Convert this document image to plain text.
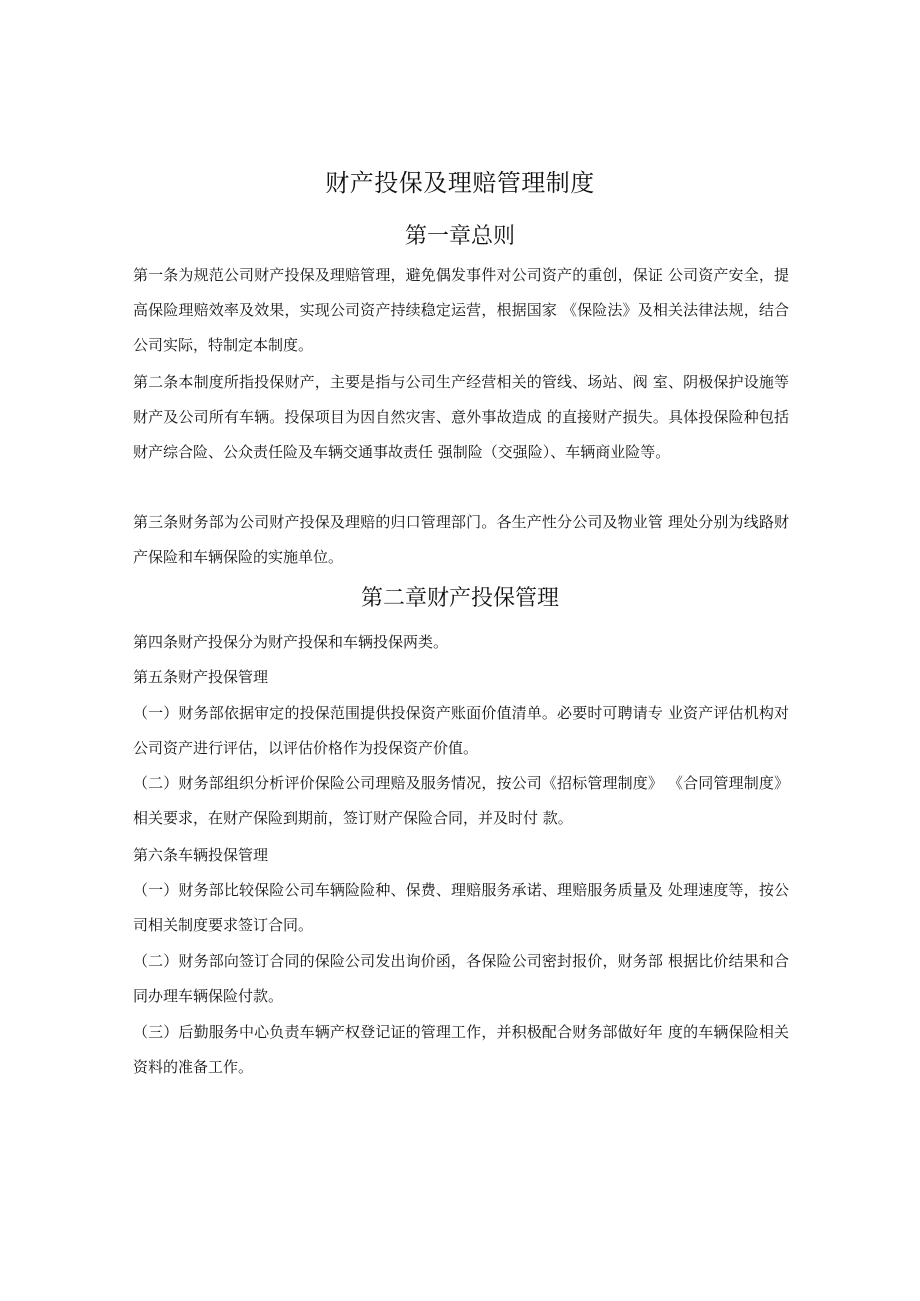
财产投保及理赔管理制度
第一章总则

第一条为规范公司财产投保及理赔管理，避免偶发事件对公司资产的重创，保证 公司资产安全，提高保险理赔效率及效果，实现公司资产持续稳定运营，根据国家 《保险法》及相关法律法规，结合公司实际，特制定本制度。

第二条本制度所指投保财产，主要是指与公司生产经营相关的管线、场站、阀 室、阴极保护设施等财产及公司所有车辆。投保项目为因自然灾害、意外事故造成 的直接财产损失。具体投保险种包括财产综合险、公众责任险及车辆交通事故责任 强制险（交强险）、车辆商业险等。

第三条财务部为公司财产投保及理赔的归口管理部门。各生产性分公司及物业管 理处分别为线路财产保险和车辆保险的实施单位。

第二章财产投保管理

第四条财产投保分为财产投保和车辆投保两类。

第五条财产投保管理

（一）财务部依据审定的投保范围提供投保资产账面价值清单。必要时可聘请专 业资产评估机构对公司资产进行评估，以评估价格作为投保资产价值。

（二）财务部组织分析评价保险公司理赔及服务情况，按公司《招标管理制度》 《合同管理制度》相关要求，在财产保险到期前，签订财产保险合同，并及时付 款。

第六条车辆投保管理

（一）财务部比较保险公司车辆险险种、保费、理赔服务承诺、理赔服务质量及 处理速度等，按公司相关制度要求签订合同。

（二）财务部向签订合同的保险公司发出询价函，各保险公司密封报价，财务部 根据比价结果和合同办理车辆保险付款。

（三）后勤服务中心负责车辆产权登记证的管理工作，并积极配合财务部做好年 度的车辆保险相关资料的准备工作。
